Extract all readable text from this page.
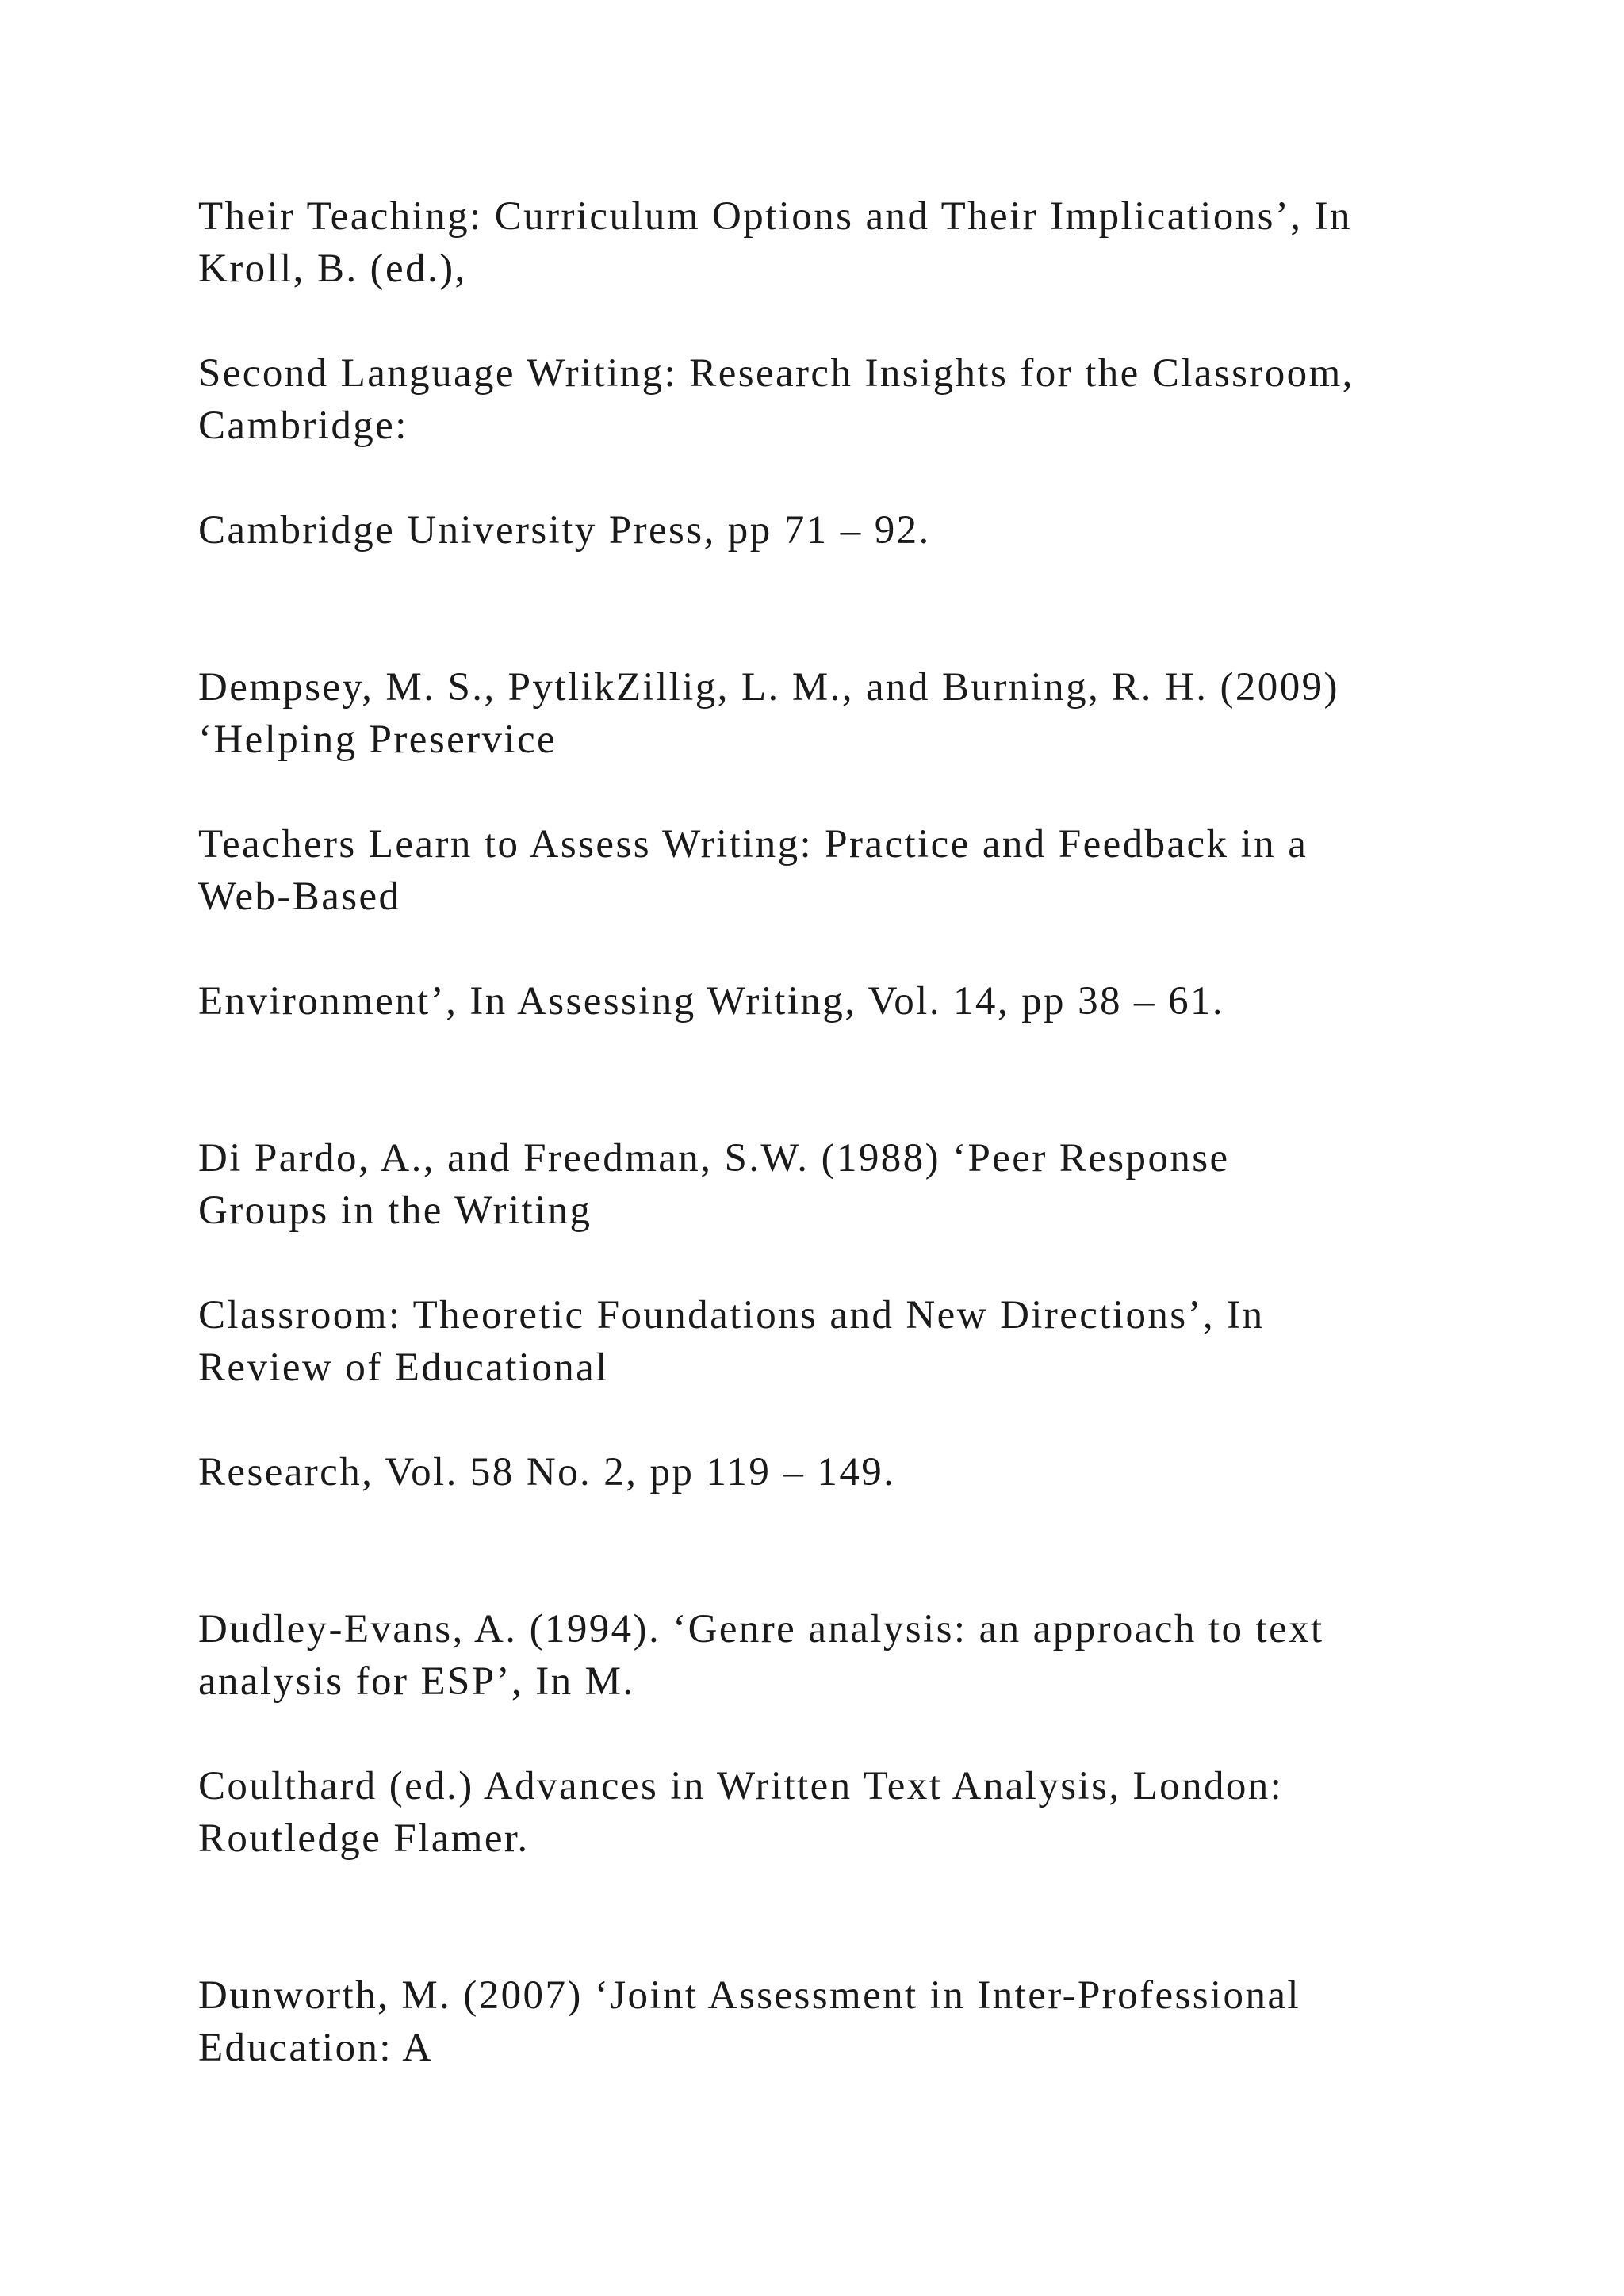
Their Teaching: Curriculum Options and Their Implications’, In
Kroll, B. (ed.),

Second Language Writing: Research Insights for the Classroom,
Cambridge:

Cambridge University Press, pp 71 – 92.

Dempsey, M. S., PytlikZillig, L. M., and Burning, R. H. (2009)
‘Helping Preservice

Teachers Learn to Assess Writing: Practice and Feedback in a
Web-Based

Environment’, In Assessing Writing, Vol. 14, pp 38 – 61.

Di Pardo, A., and Freedman, S.W. (1988) ‘Peer Response
Groups in the Writing

Classroom: Theoretic Foundations and New Directions’, In
Review of Educational

Research, Vol. 58 No. 2, pp 119 – 149.

Dudley-Evans, A. (1994). ‘Genre analysis: an approach to text
analysis for ESP’, In M.

Coulthard (ed.) Advances in Written Text Analysis, London:
Routledge Flamer.

Dunworth, M. (2007) ‘Joint Assessment in Inter-Professional
Education: A
